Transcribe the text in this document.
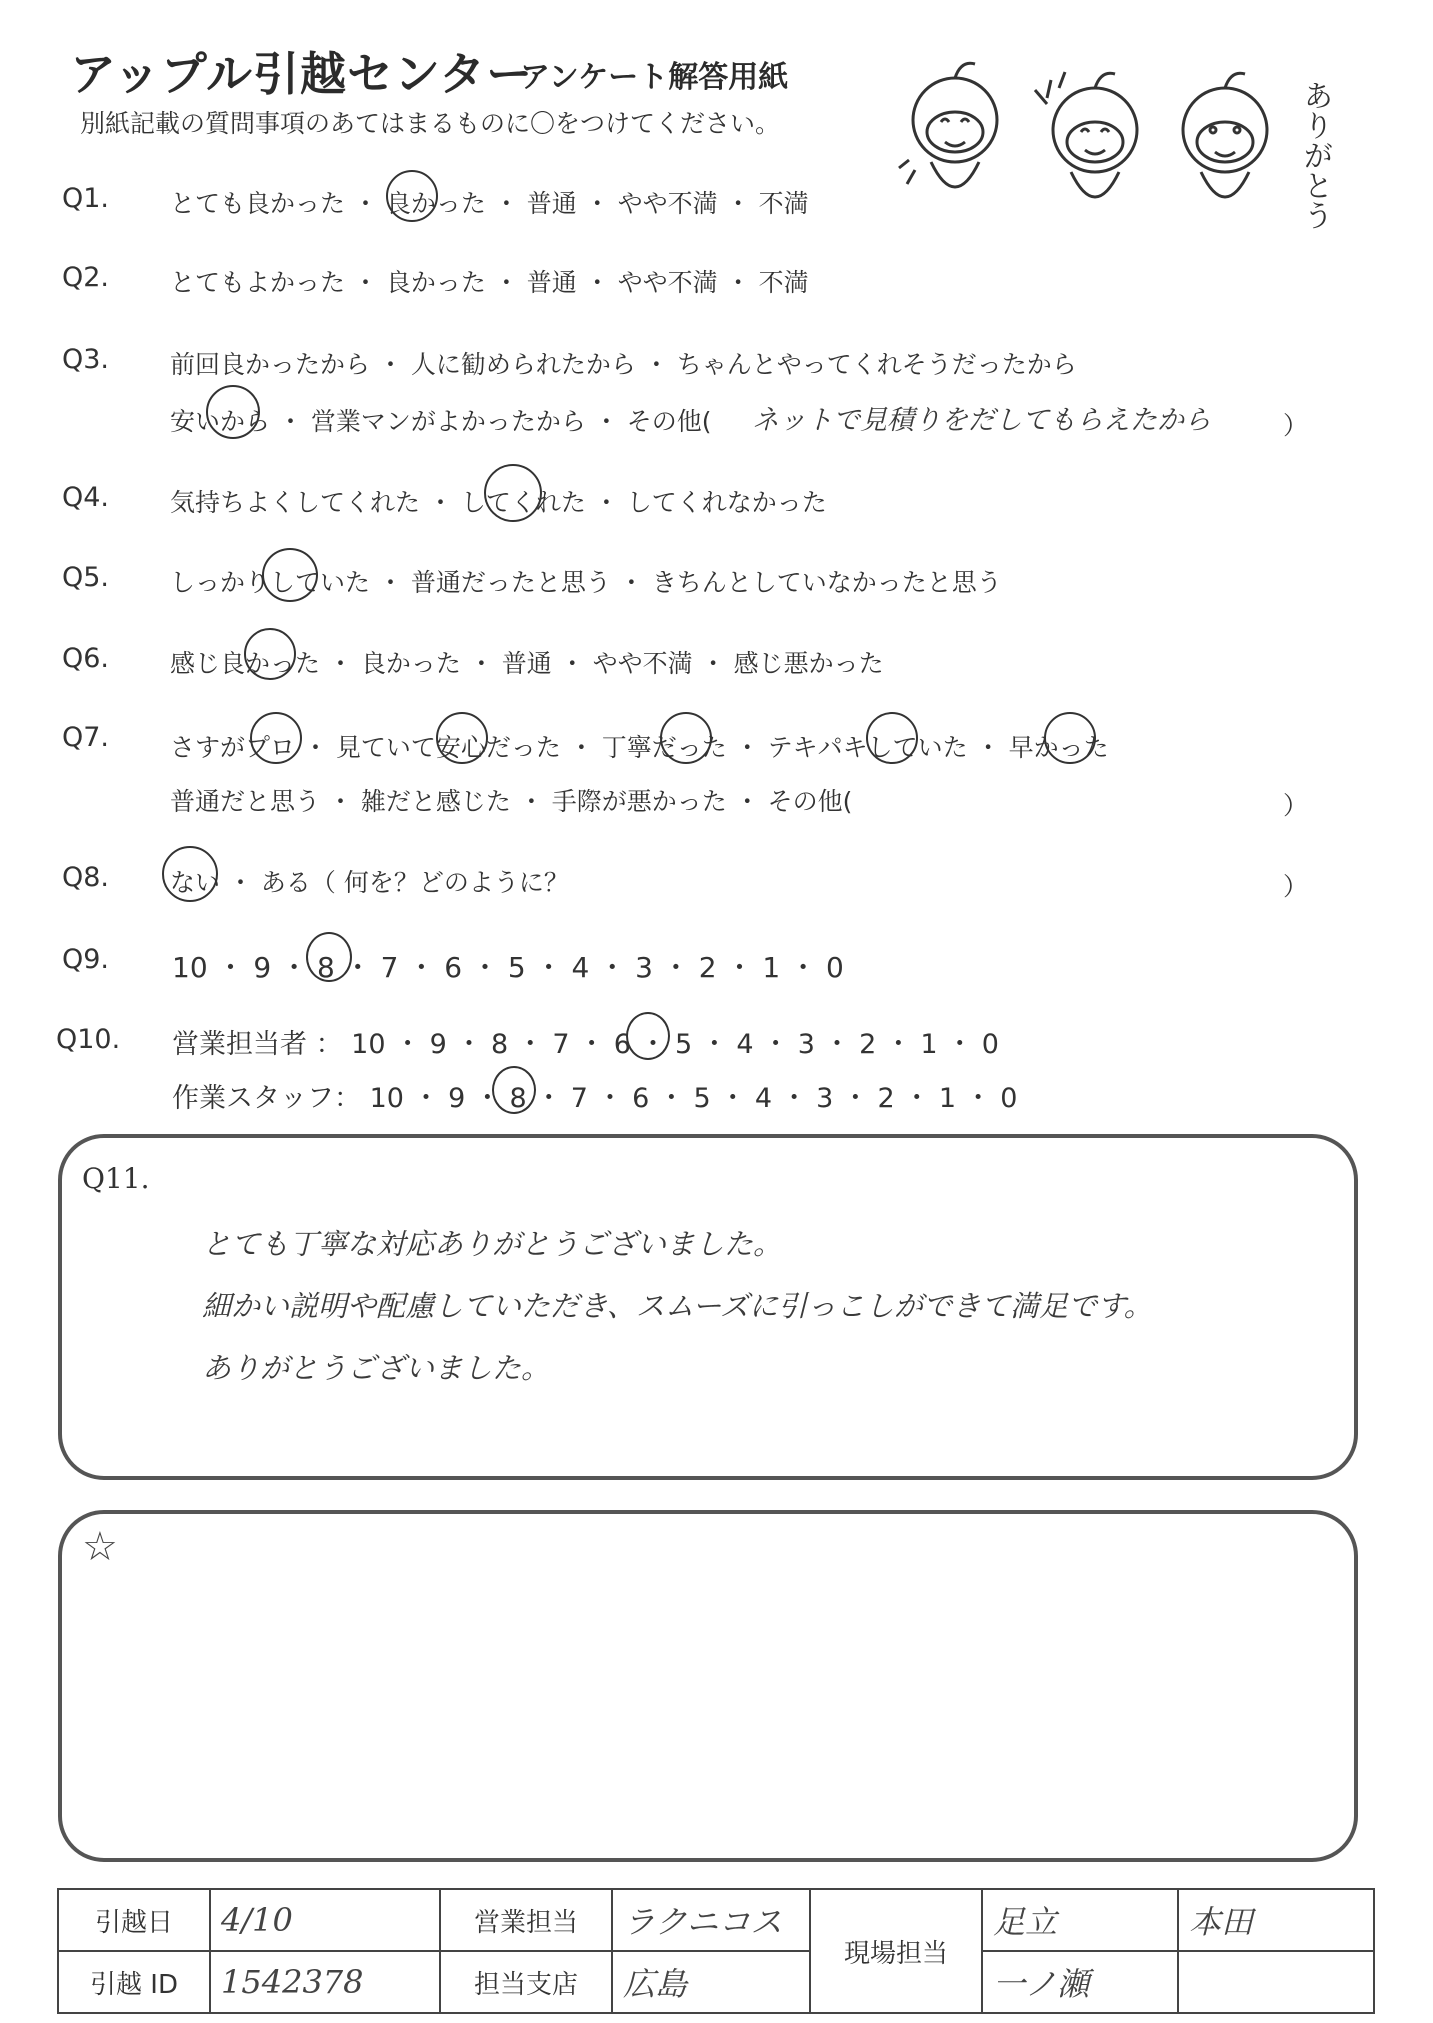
アップル引越センター
アンケート解答用紙
別紙記載の質問事項のあてはまるものに〇をつけてください。	ありがとう
Q1. とても良かった ・ 良かった ・ 普通 ・ やや不満 ・ 不満
Q2. とてもよかった ・ 良かった ・ 普通 ・ やや不満 ・ 不満
Q3. 前回良かったから ・ 人に勧められたから ・ ちゃんとやってくれそうだったから
安いから ・ 営業マンがよかったから ・ その他( ネットで見積りをだしてもらえたから	）
Q4. 気持ちよくしてくれた ・ してくれた ・ してくれなかった
Q5. しっかりしていた ・ 普通だったと思う ・ きちんとしていなかったと思う
Q6. 感じ良かった ・ 良かった ・ 普通 ・ やや不満 ・ 感じ悪かった
Q7. さすがプロ ・ 見ていて安心だった ・ 丁寧だった ・ テキパキしていた ・ 早かった
普通だと思う ・ 雑だと感じた ・ 手際が悪かった ・ その他(	）
Q8. ない ・ ある（ 何を？どのように？	）
Q9. 10 ・ 9 ・ 8 ・ 7 ・ 6 ・ 5 ・ 4 ・ 3 ・ 2 ・ 1 ・ 0
Q10. 営業担当者 ： 10 ・ 9 ・ 8 ・ 7 ・ 6 ・ 5 ・ 4 ・ 3 ・ 2 ・ 1 ・ 0
作業スタッフ： 10 ・ 9 ・ 8 ・ 7 ・ 6 ・ 5 ・ 4 ・ 3 ・ 2 ・ 1 ・ 0
Q11.
とても丁寧な対応ありがとうございました。
細かい説明や配慮していただき、スムーズに引っこしができて満足です。
ありがとうございました。
☆
引越日	4/10	営業担当	ラクニコス	現場担当	足立	本田
引越 ID	1542378	担当支店	広島		一ノ瀬	
